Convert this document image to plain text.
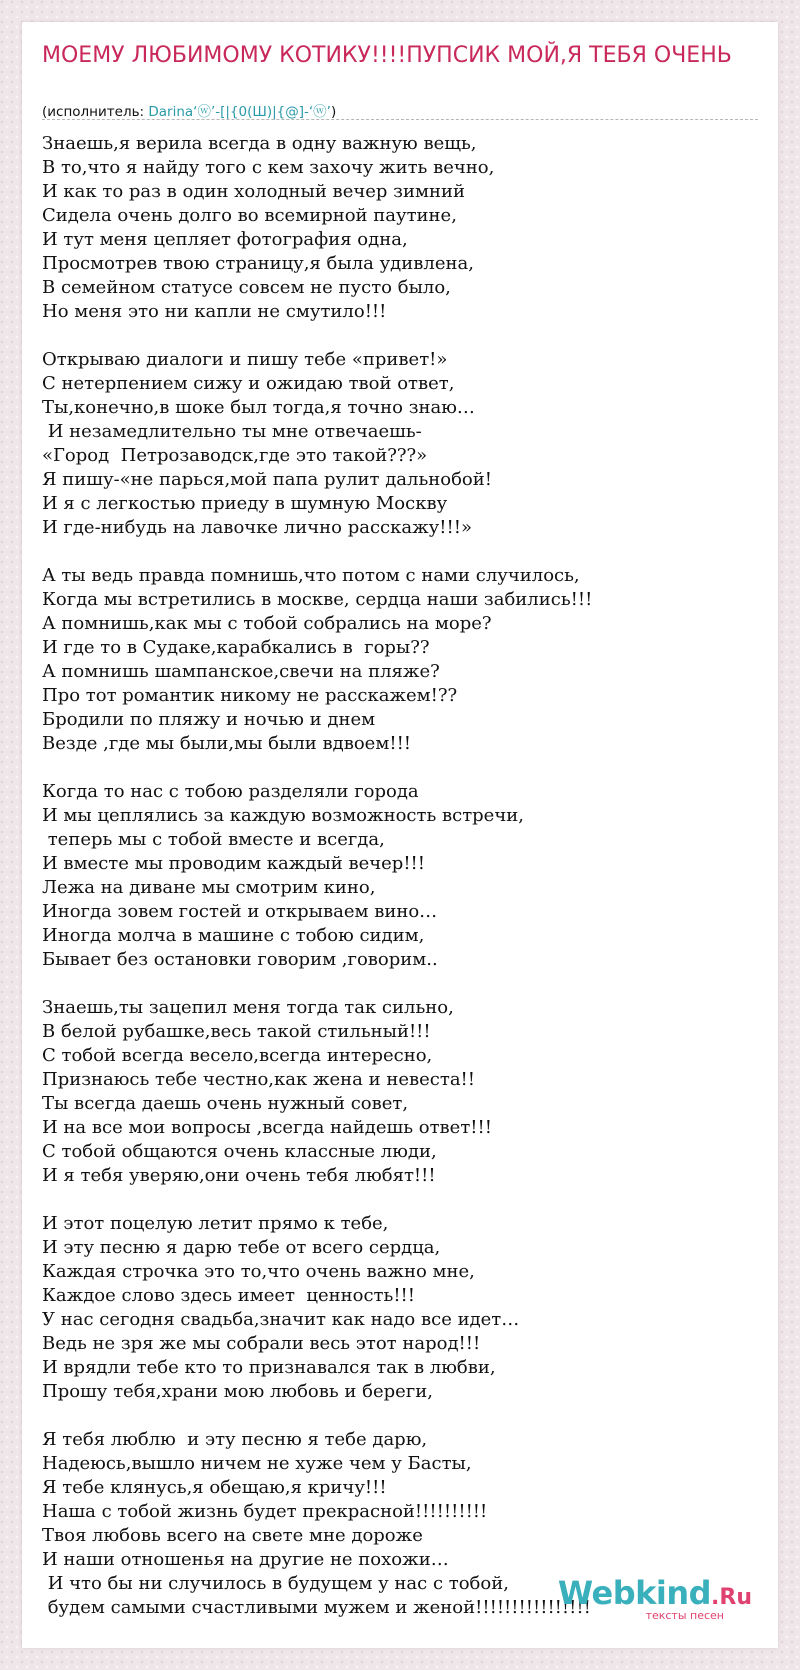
МОЕМУ ЛЮБИМОМУ КОТИКУ!!!!ПУПСИК МОЙ,Я ТЕБЯ ОЧЕНЬ
(исполнитель: Darina‘ⓦ’-[|{0(Ш)|{@]-‘ⓦ’)
Знаешь,я верила всегда в одну важную вещь,
В то,что я найду того с кем захочу жить вечно,
И как то раз в один холодный вечер зимний
Сидела очень долго во всемирной паутине,
И тут меня цепляет фотография одна,
Просмотрев твою страницу,я была удивлена,
В семейном статусе совсем не пусто было,
Но меня это ни капли не смутило!!!
Открываю диалоги и пишу тебе «привет!»
С нетерпением сижу и ожидаю твой ответ,
Ты,конечно,в шоке был тогда,я точно знаю…
И незамедлительно ты мне отвечаешь-
«Город  Петрозаводск,где это такой???»
Я пишу-«не парься,мой папа рулит дальнобой!
И я с легкостью приеду в шумную Москву
И где-нибудь на лавочке лично расскажу!!!»
А ты ведь правда помнишь,что потом с нами случилось,
Когда мы встретились в москве, сердца наши забились!!!
А помнишь,как мы с тобой собрались на море?
И где то в Судаке,карабкались в  горы??
А помнишь шампанское,свечи на пляже?
Про тот романтик никому не расскажем!??
Бродили по пляжу и ночью и днем
Везде ,где мы были,мы были вдвоем!!!
Когда то нас с тобою разделяли города
И мы цеплялись за каждую возможность встречи,
теперь мы с тобой вместе и всегда,
И вместе мы проводим каждый вечер!!!
Лежа на диване мы смотрим кино,
Иногда зовем гостей и открываем вино…
Иногда молча в машине с тобою сидим,
Бывает без остановки говорим ,говорим..
Знаешь,ты зацепил меня тогда так сильно,
В белой рубашке,весь такой стильный!!!
С тобой всегда весело,всегда интересно,
Признаюсь тебе честно,как жена и невеста!!
Ты всегда даешь очень нужный совет,
И на все мои вопросы ,всегда найдешь ответ!!!
С тобой общаются очень классные люди,
И я тебя уверяю,они очень тебя любят!!!
И этот поцелую летит прямо к тебе,
И эту песню я дарю тебе от всего сердца,
Каждая строчка это то,что очень важно мне,
Каждое слово здесь имеет  ценность!!!
У нас сегодня свадьба,значит как надо все идет…
Ведь не зря же мы собрали весь этот народ!!!
И врядли тебе кто то признавался так в любви,
Прошу тебя,храни мою любовь и береги,
Я тебя люблю  и эту песню я тебе дарю,
Надеюсь,вышло ничем не хуже чем у Басты,
Я тебе клянусь,я обещаю,я кричу!!!
Наша с тобой жизнь будет прекрасной!!!!!!!!!!
Твоя любовь всего на свете мне дороже
И наши отношенья на другие не похожи…
И что бы ни случилось в будущем у нас с тобой,
будем самыми счастливыми мужем и женой!!!!!!!!!!!!!!!!
Webkind.Ru
тексты песен
